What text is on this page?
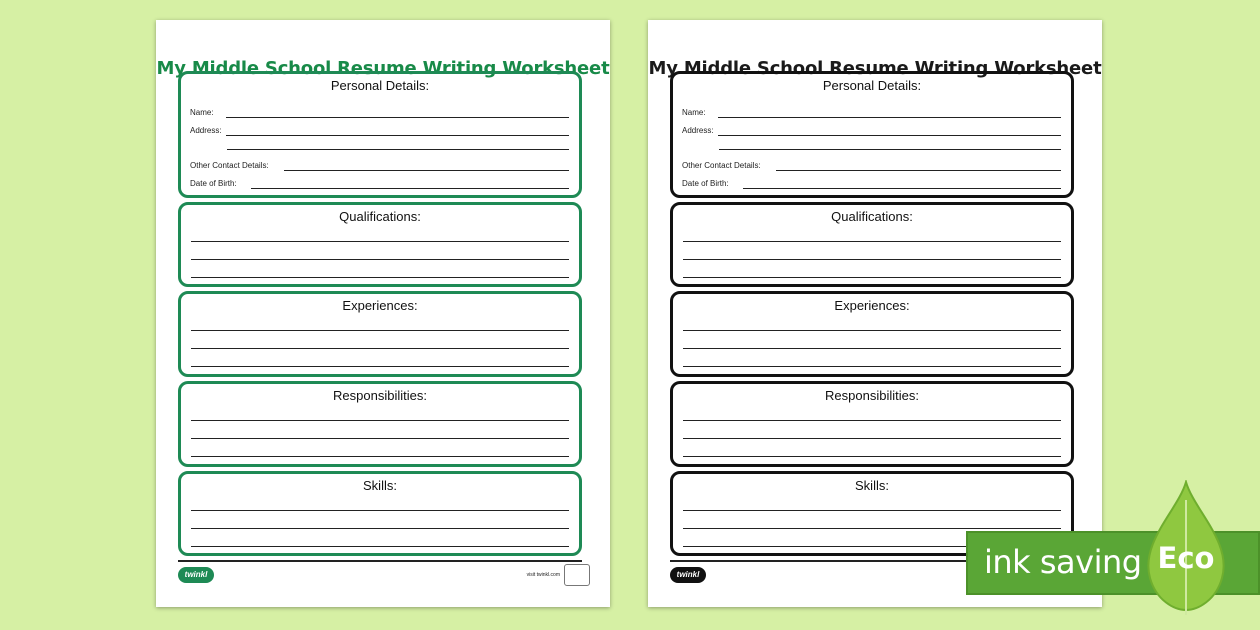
My Middle School Resume Writing Worksheet
Personal Details:
Name:
Address:
Other Contact Details:
Date of Birth:
Qualifications:
Experiences:
Responsibilities:
Skills:
twinkl	visit twinkl.com
My Middle School Resume Writing Worksheet
Personal Details:
Name:
Address:
Other Contact Details:
Date of Birth:
Qualifications:
Experiences:
Responsibilities:
Skills:
twinkl	ink saving Eco
